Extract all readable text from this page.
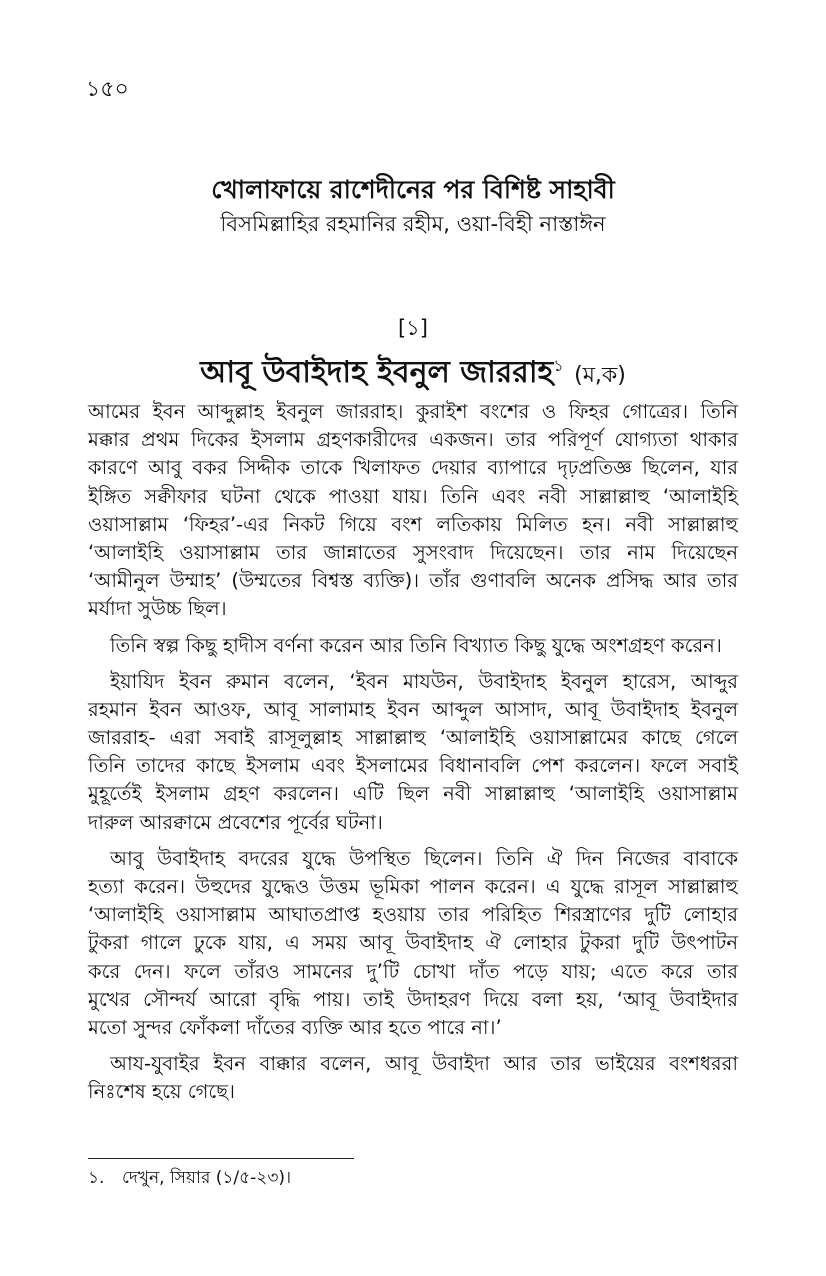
১৫০
খোলাফায়ে রাশেদীনের পর বিশিষ্ট সাহাবী
বিসমিল্লাহির রহমানির রহীম, ওয়া-বিহী নাস্তাঈন
[১]
আবূ উবাইদাহ ইবনুল জাররাহ$^১$ (ম,ক)
আমের ইবন আব্দুল্লাহ ইবনুল জাররাহ। কুরাইশ বংশের ও ফিহর গোত্রের। তিনি
মক্কার প্রথম দিকের ইসলাম গ্রহণকারীদের একজন। তার পরিপূর্ণ যোগ্যতা থাকার
কারণে আবু বকর সিদ্দীক তাকে খিলাফত দেয়ার ব্যাপারে দৃঢ়প্রতিজ্ঞ ছিলেন, যার
ইঙ্গিত সক্বীফার ঘটনা থেকে পাওয়া যায়। তিনি এবং নবী সাল্লাল্লাহু ‘আলাইহি
ওয়াসাল্লাম ‘ফিহর’-এর নিকট গিয়ে বংশ লতিকায় মিলিত হন। নবী সাল্লাল্লাহু
‘আলাইহি ওয়াসাল্লাম তার জান্নাতের সুসংবাদ দিয়েছেন। তার নাম দিয়েছেন
‘আমীনুল উম্মাহ’ (উম্মতের বিশ্বস্ত ব্যক্তি)। তাঁর গুণাবলি অনেক প্রসিদ্ধ আর তার
মর্যাদা সুউচ্চ ছিল।
তিনি স্বল্প কিছু হাদীস বর্ণনা করেন আর তিনি বিখ্যাত কিছু যুদ্ধে অংশগ্রহণ করেন।
ইয়াযিদ ইবন রুমান বলেন, ‘ইবন মাযউন, উবাইদাহ ইবনুল হারেস, আব্দুর
রহমান ইবন আওফ, আবূ সালামাহ ইবন আব্দুল আসাদ, আবূ উবাইদাহ ইবনুল
জাররাহ- এরা সবাই রাসূলুল্লাহ সাল্লাল্লাহু ‘আলাইহি ওয়াসাল্লামের কাছে গেলে
তিনি তাদের কাছে ইসলাম এবং ইসলামের বিধানাবলি পেশ করলেন। ফলে সবাই
মুহূর্তেই ইসলাম গ্রহণ করলেন। এটি ছিল নবী সাল্লাল্লাহু ‘আলাইহি ওয়াসাল্লাম
দারুল আরক্বামে প্রবেশের পূর্বের ঘটনা।
আবু উবাইদাহ বদরের যুদ্ধে উপস্থিত ছিলেন। তিনি ঐ দিন নিজের বাবাকে
হত্যা করেন। উহুদের যুদ্ধেও উত্তম ভূমিকা পালন করেন। এ যুদ্ধে রাসূল সাল্লাল্লাহু
‘আলাইহি ওয়াসাল্লাম আঘাতপ্রাপ্ত হওয়ায় তার পরিহিত শিরস্ত্রাণের দুটি লোহার
টুকরা গালে ঢুকে যায়, এ সময় আবূ উবাইদাহ ঐ লোহার টুকরা দুটি উৎপাটন
করে দেন। ফলে তাঁরও সামনের দু’টি চোখা দাঁত পড়ে যায়; এতে করে তার
মুখের সৌন্দর্য আরো বৃদ্ধি পায়। তাই উদাহরণ দিয়ে বলা হয়, ‘আবূ উবাইদার
মতো সুন্দর ফোঁকলা দাঁতের ব্যক্তি আর হতে পারে না।’
আয-যুবাইর ইবন বাক্কার বলেন, আবূ উবাইদা আর তার ভাইয়ের বংশধররা
নিঃশেষ হয়ে গেছে।
১. দেখুন, সিয়ার (১/৫-২৩)।
